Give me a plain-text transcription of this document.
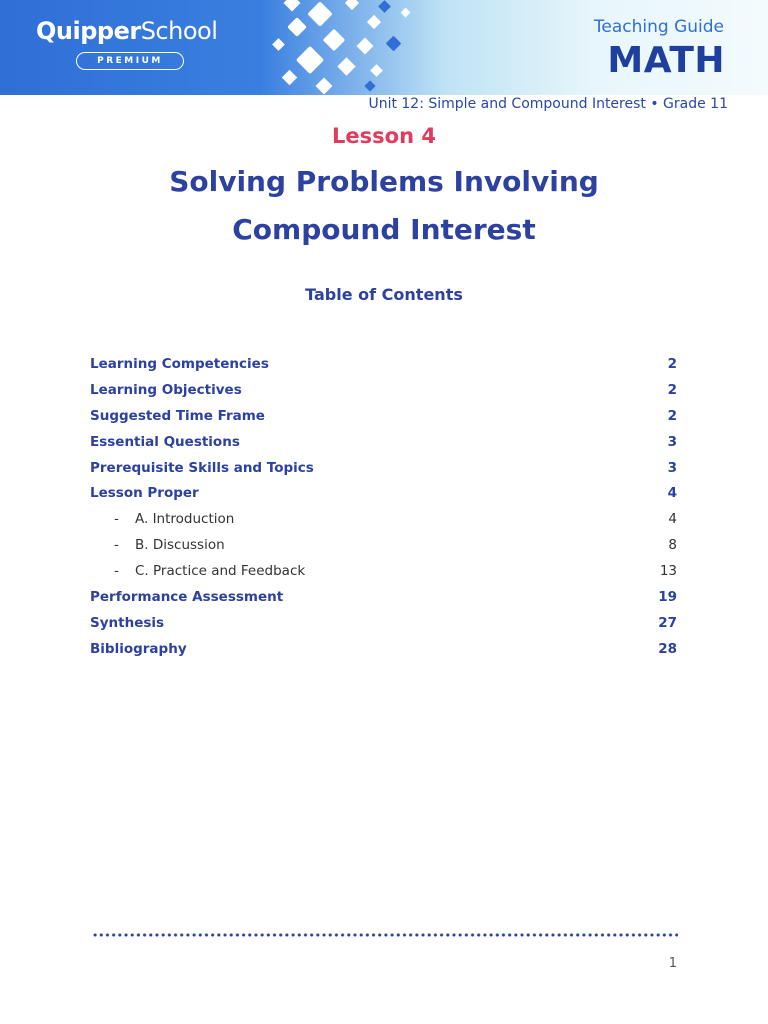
QuipperSchool
PREMIUM
Teaching Guide
MATH
Unit 12: Simple and Compound Interest • Grade 11
Lesson 4
Solving Problems Involving
Compound Interest
Table of Contents
Learning Competencies	2
Learning Objectives	2
Suggested Time Frame	2
Essential Questions	3
Prerequisite Skills and Topics	3
Lesson Proper	4
- A. Introduction	4
- B. Discussion	8
- C. Practice and Feedback	13
Performance Assessment	19
Synthesis	27
Bibliography	28
1
